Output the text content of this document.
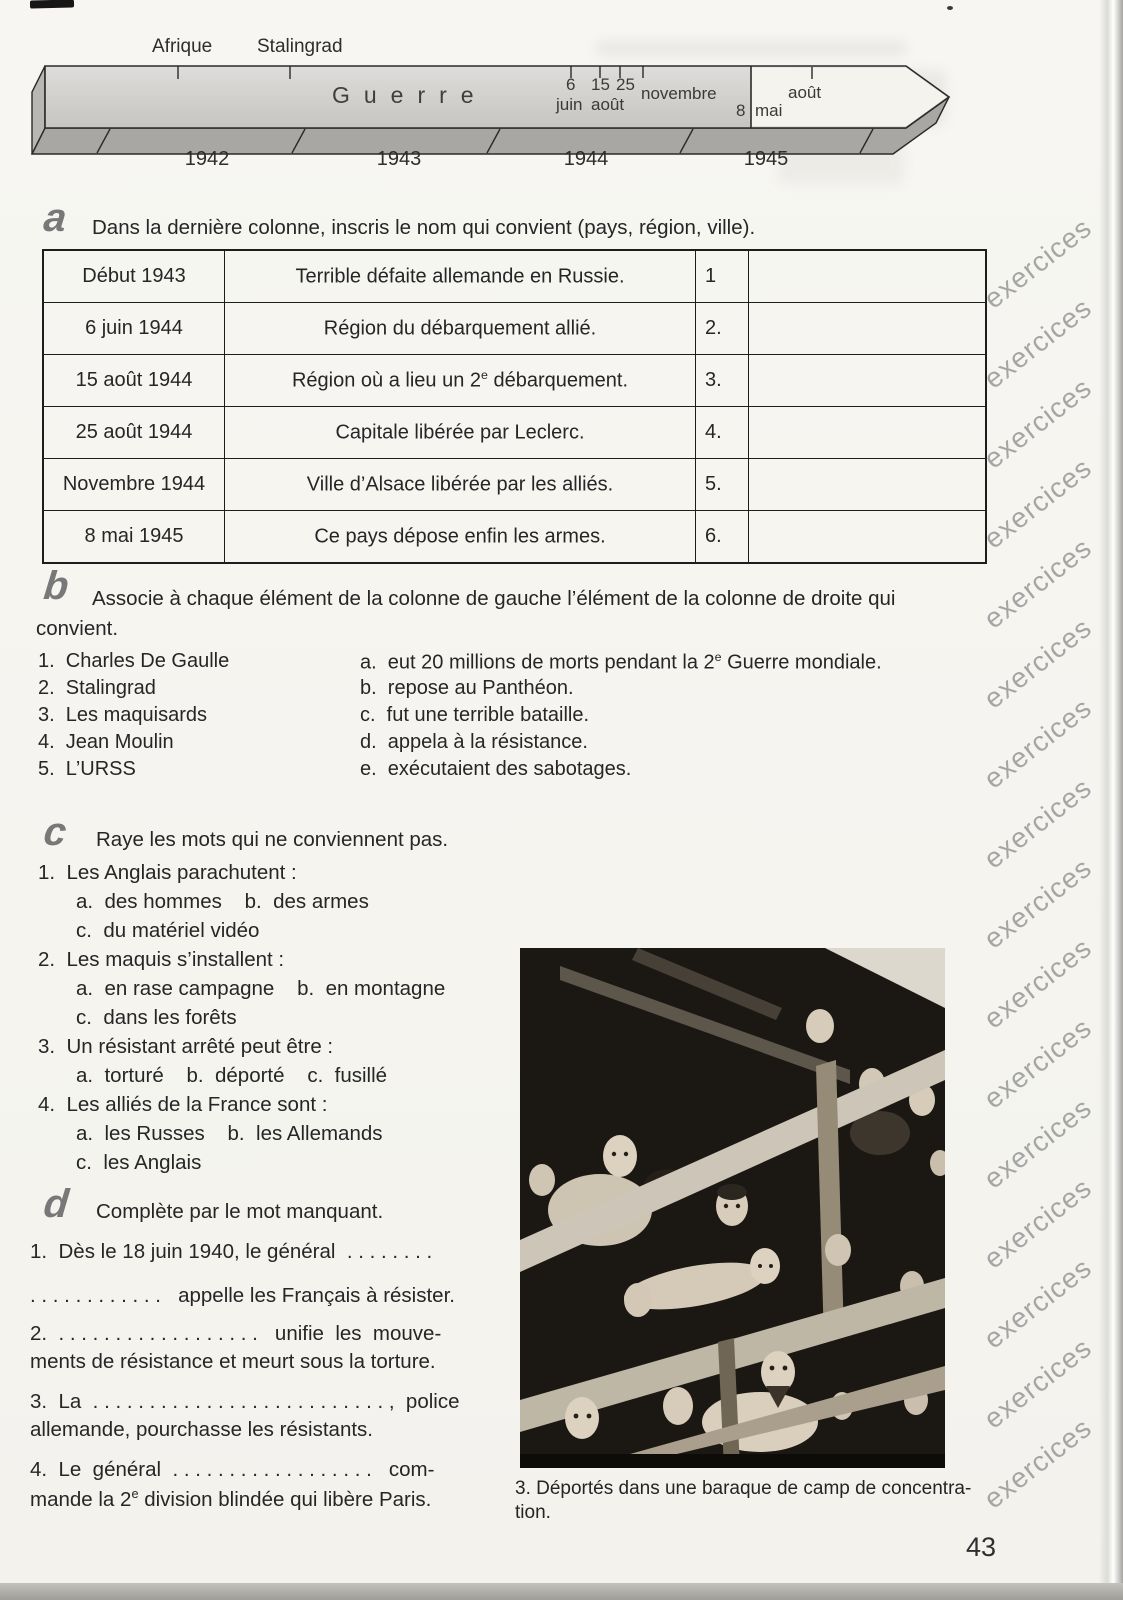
Afrique Stalingrad
Guerre	6
juin
15
août
25 novembre
8 mai
août
1942	1943	1944	1945
a Dans la dernière colonne, inscris le nom qui convient (pays, région, ville).
Début 1943	Terrible défaite allemande en Russie.	1	
6 juin 1944	Région du débarquement allié.	2.	
15 août 1944	Région où a lieu un 2e débarquement.	3.	
25 août 1944	Capitale libérée par Leclerc.	4.	
Novembre 1944	Ville d’Alsace libérée par les alliés.	5.	
8 mai 1945	Ce pays dépose enfin les armes.	6.	
b	Associe à chaque élément de la colonne de gauche l’élément de la colonne de droite qui convient.
1.  Charles De Gaulle
2.  Stalingrad
3.  Les maquisards
4.  Jean Moulin
5.  L’URSS
a.  eut 20 millions de morts pendant la 2e Guerre mondiale.
b.  repose au Panthéon.
c.  fut une terrible bataille.
d.  appela à la résistance.
e.  exécutaient des sabotages.
c Raye les mots qui ne conviennent pas.
1.  Les Anglais parachutent :
a.  des hommes    b.  des armes
c.  du matériel vidéo
2.  Les maquis s’installent :
a.  en rase campagne    b.  en montagne
c.  dans les forêts
3.  Un résistant arrêté peut être :
a.  torturé    b.  déporté    c.  fusillé
4.  Les alliés de la France sont :
a.  les Russes    b.  les Allemands
c.  les Anglais
d Complète par le mot manquant.
1.  Dès le 18 juin 1940, le général  . . . . . . . .
. . . . . . . . . . . .   appelle les Français à résister.
2.  . . . . . . . . . . . . . . . . . .   unifie  les  mouve-
ments de résistance et meurt sous la torture.
3.  La  . . . . . . . . . . . . . . . . . . . . . . . . . . ,  police
allemande, pourchasse les résistants.
4.  Le  général  . . . . . . . . . . . . . . . . . .   com-
mande la 2e division blindée qui libère Paris.	3. Déportés dans une baraque de camp de concentra-
tion.
43
exercices
exercices
exercices
exercices
exercices
exercices
exercices
exercices
exercices
exercices
exercices
exercices
exercices
exercices
exercices
exercices
